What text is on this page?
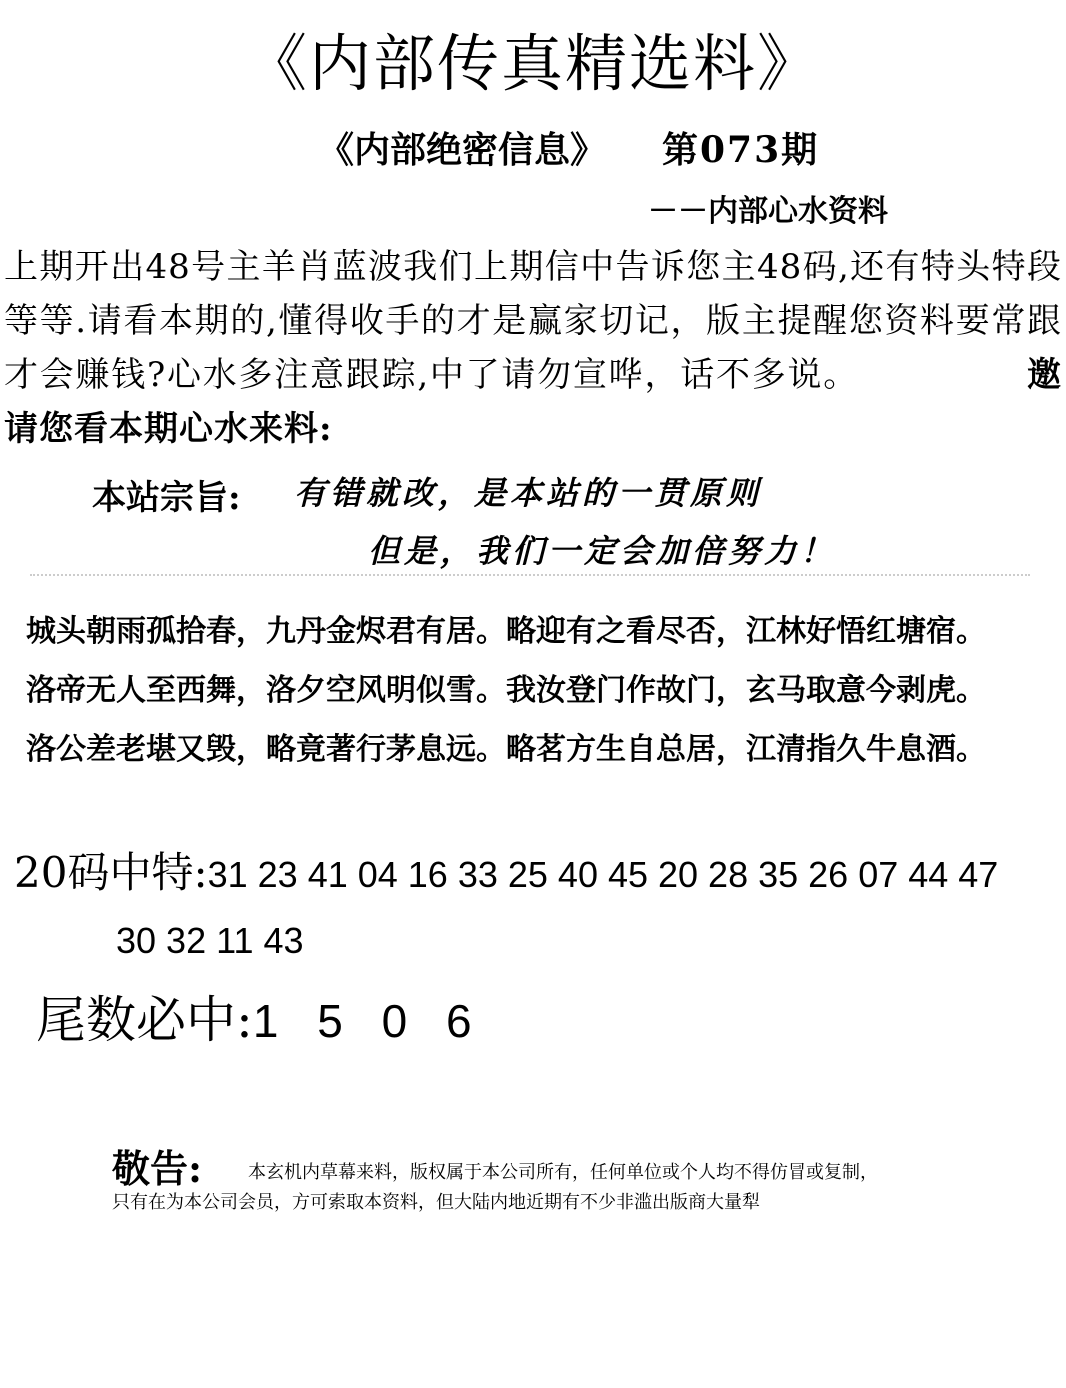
《内部传真精选料》
《内部绝密信息》 第073期
－－内部心水资料
上期开出48号主羊肖蓝波我们上期信中告诉您主48码,还有特头特段等等.请看本期的,懂得收手的才是赢家切记，版主提醒您资料要常跟才会赚钱?心水多注意跟踪,中了请勿宣哗，话不多说。	邀请您看本期心水来料:
本站宗旨: 有错就改，是本站的一贯原则
但是，我们一定会加倍努力！
城头朝雨孤拾春，九丹金烬君有居。略迎有之看尽否，江林好悟红塘宿。
洛帝无人至西舞，洛夕空风明似雪。我汝登门作故门，玄马取意今剥虎。
洛公差老堪又毁，略竟著行茅息远。略茗方生自总居，江清指久牛息酒。
20码中特:31 23 41 04 16 33 25 40 45 20 28 35 26 07 44 47
30 32 11 43
尾数必中:1 5 0 6
敬告:	本玄机内草幕来料，版权属于本公司所有，任何单位或个人均不得仿冒或复制，
只有在为本公司会员，方可索取本资料，但大陆内地近期有不少非滥出版商大量犁
